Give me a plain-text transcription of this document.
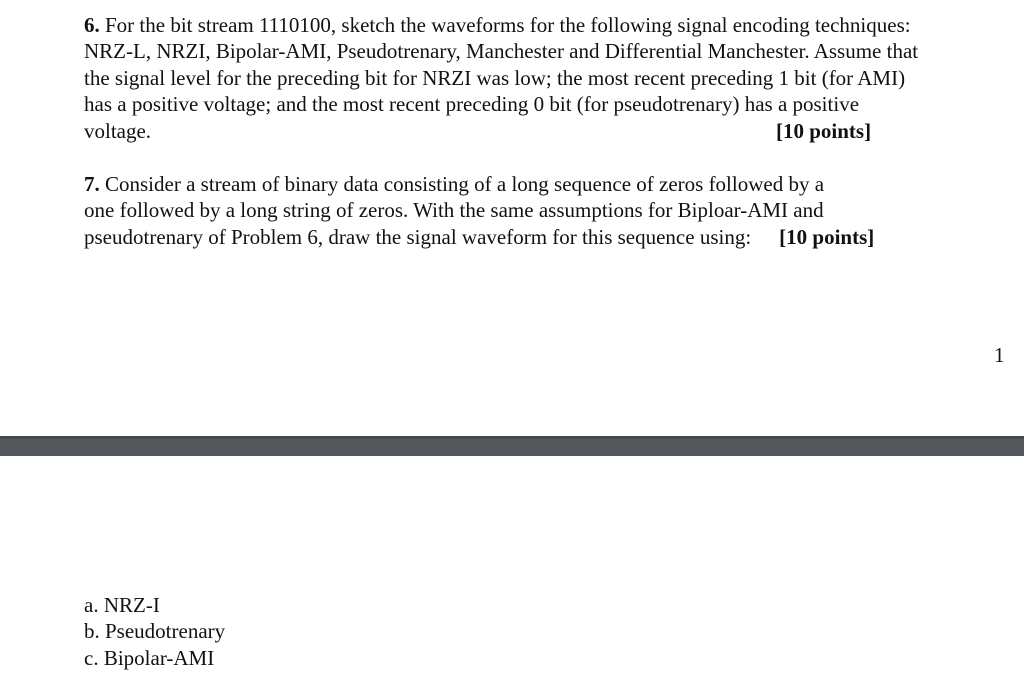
6. For the bit stream 1110100, sketch the waveforms for the following signal encoding techniques:
NRZ-L, NRZI, Bipolar-AMI, Pseudotrenary, Manchester and Differential Manchester. Assume that
the signal level for the preceding bit for NRZI was low; the most recent preceding 1 bit (for AMI)
has a positive voltage; and the most recent preceding 0 bit (for pseudotrenary) has a positive
voltage.	[10 points]
7. Consider a stream of binary data consisting of a long sequence of zeros followed by a
one followed by a long string of zeros. With the same assumptions for Biploar-AMI and
pseudotrenary of Problem 6, draw the signal waveform for this sequence using: [10 points]
1
a. NRZ-I
b. Pseudotrenary
c. Bipolar-AMI
